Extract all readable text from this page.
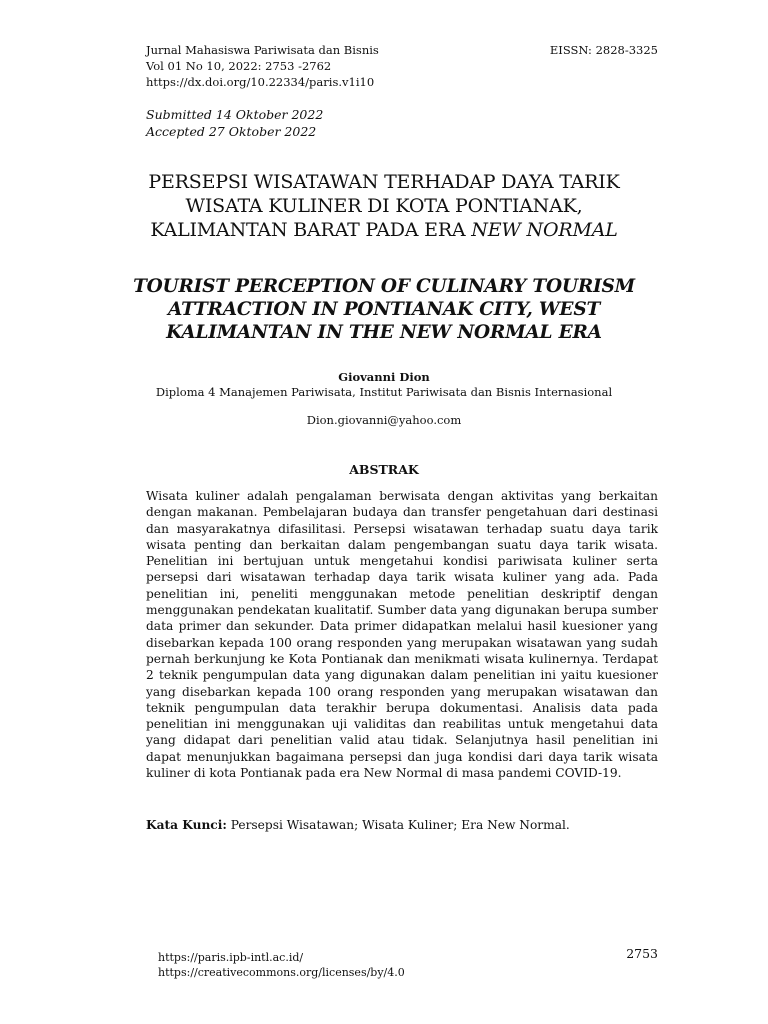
Jurnal Mahasiswa Pariwisata dan Bisnis
Vol 01 No 10, 2022: 2753 -2762
https://dx.doi.org/10.22334/paris.v1i10
EISSN: 2828-3325
Submitted 14 Oktober 2022
Accepted 27 Oktober 2022
PERSEPSI WISATAWAN TERHADAP DAYA TARIK
WISATA KULINER DI KOTA PONTIANAK,
KALIMANTAN BARAT PADA ERA NEW NORMAL
TOURIST PERCEPTION OF CULINARY TOURISM
ATTRACTION IN PONTIANAK CITY, WEST
KALIMANTAN IN THE NEW NORMAL ERA
Giovanni Dion
Diploma 4 Manajemen Pariwisata, Institut Pariwisata dan Bisnis Internasional
Dion.giovanni@yahoo.com
ABSTRAK
Wisata kuliner adalah pengalaman berwisata dengan aktivitas yang berkaitan dengan makanan. Pembelajaran budaya dan transfer pengetahuan dari destinasi dan masyarakatnya difasilitasi. Persepsi wisatawan terhadap suatu daya tarik wisata penting dan berkaitan dalam pengembangan suatu daya tarik wisata. Penelitian ini bertujuan untuk mengetahui kondisi pariwisata kuliner serta persepsi dari wisatawan terhadap daya tarik wisata kuliner yang ada. Pada penelitian ini, peneliti menggunakan metode penelitian deskriptif dengan menggunakan pendekatan kualitatif. Sumber data yang digunakan berupa sumber data primer dan sekunder. Data primer didapatkan melalui hasil kuesioner yang disebarkan kepada 100 orang responden yang merupakan wisatawan yang sudah pernah berkunjung ke Kota Pontianak dan menikmati wisata kulinernya. Terdapat 2 teknik pengumpulan data yang digunakan dalam penelitian ini yaitu kuesioner yang disebarkan kepada 100 orang responden yang merupakan wisatawan dan teknik pengumpulan data terakhir berupa dokumentasi. Analisis data pada penelitian ini menggunakan uji validitas dan reabilitas untuk mengetahui data yang didapat dari penelitian valid atau tidak. Selanjutnya hasil penelitian ini dapat menunjukkan bagaimana persepsi dan juga kondisi dari daya tarik wisata kuliner di kota Pontianak pada era New Normal di masa pandemi COVID-19.
Kata Kunci: Persepsi Wisatawan; Wisata Kuliner; Era New Normal.
https://paris.ipb-intl.ac.id/
https://creativecommons.org/licenses/by/4.0
2753
